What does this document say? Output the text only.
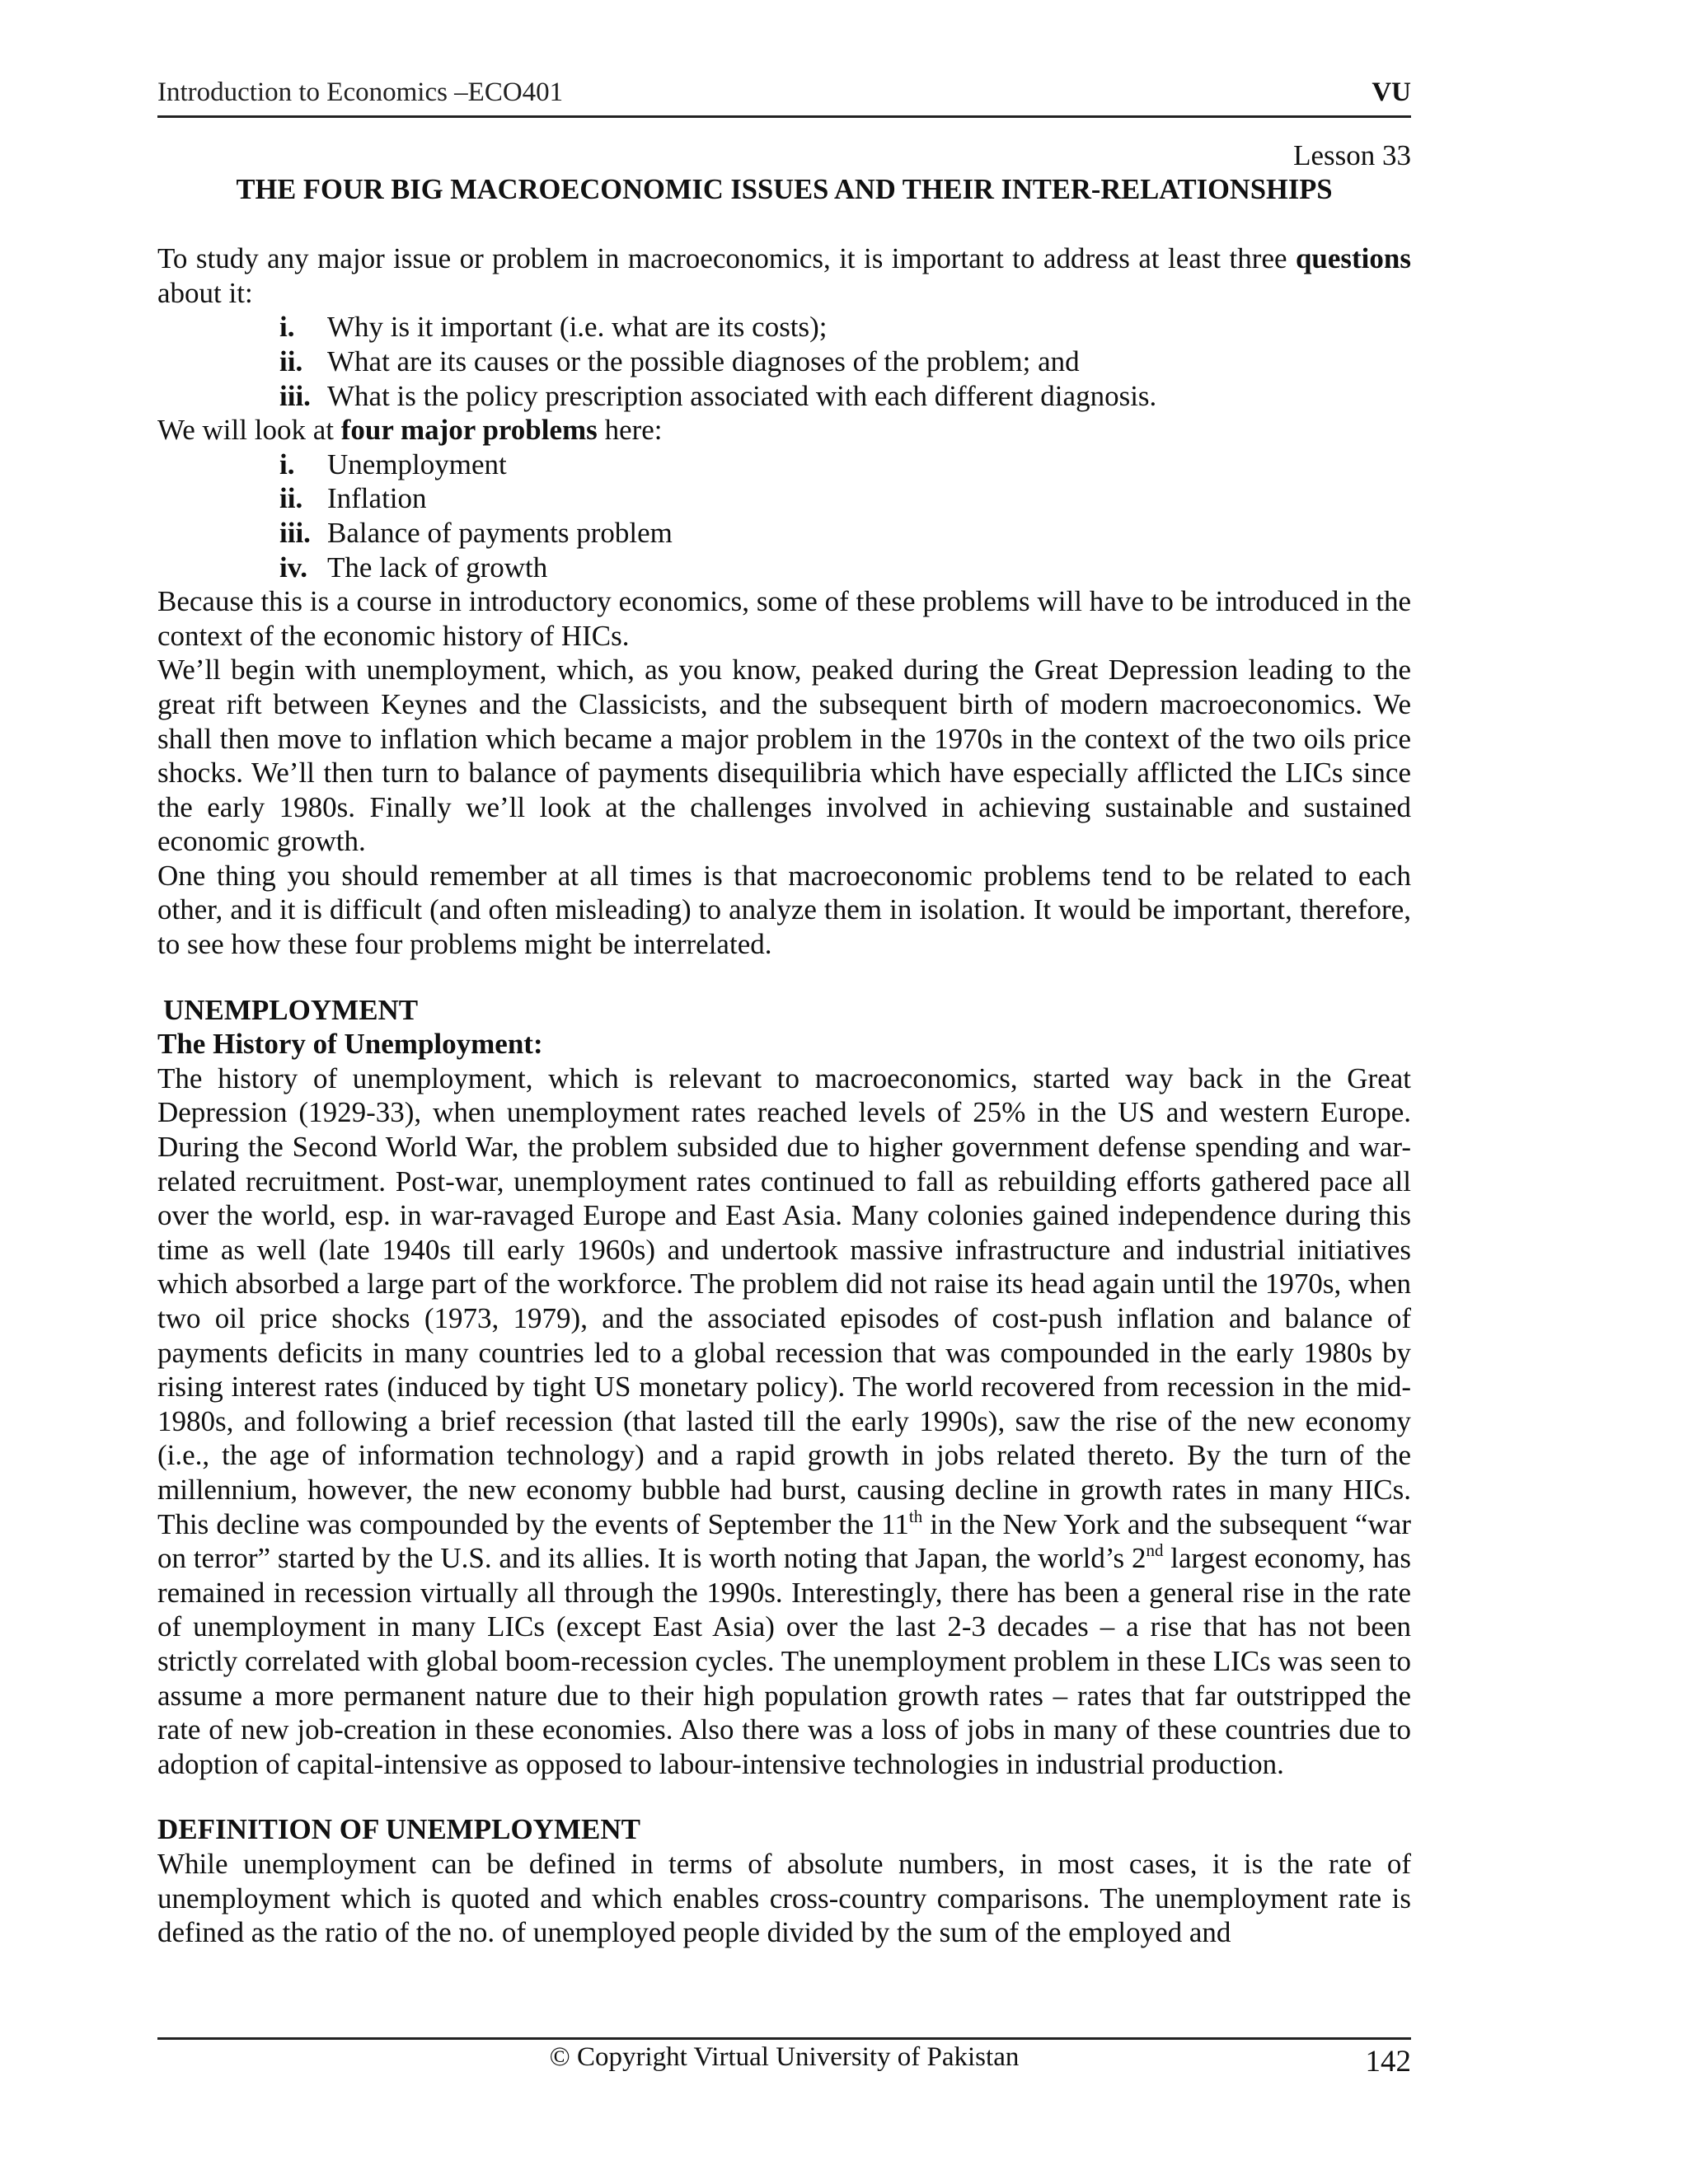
Introduction to Economics –ECO401	VU

Lesson 33

THE FOUR BIG MACROECONOMIC ISSUES AND THEIR INTER-RELATIONSHIPS

To study any major issue or problem in macroeconomics, it is important to address at least three questions about it:

i. Why is it important (i.e. what are its costs);
ii. What are its causes or the possible diagnoses of the problem; and
iii. What is the policy prescription associated with each different diagnosis.

We will look at four major problems here:

i. Unemployment
ii. Inflation
iii. Balance of payments problem
iv. The lack of growth

Because this is a course in introductory economics, some of these problems will have to be introduced in the context of the economic history of HICs.

We’ll begin with unemployment, which, as you know, peaked during the Great Depression leading to the great rift between Keynes and the Classicists, and the subsequent birth of modern macroeconomics. We shall then move to inflation which became a major problem in the 1970s in the context of the two oils price shocks. We’ll then turn to balance of payments disequilibria which have especially afflicted the LICs since the early 1980s. Finally we’ll look at the challenges involved in achieving sustainable and sustained economic growth.

One thing you should remember at all times is that macroeconomic problems tend to be related to each other, and it is difficult (and often misleading) to analyze them in isolation. It would be important, therefore, to see how these four problems might be interrelated.

UNEMPLOYMENT

The History of Unemployment:

The history of unemployment, which is relevant to macroeconomics, started way back in the Great Depression (1929-33), when unemployment rates reached levels of 25% in the US and western Europe. During the Second World War, the problem subsided due to higher government defense spending and war-related recruitment. Post-war, unemployment rates continued to fall as rebuilding efforts gathered pace all over the world, esp. in war-ravaged Europe and East Asia. Many colonies gained independence during this time as well (late 1940s till early 1960s) and undertook massive infrastructure and industrial initiatives which absorbed a large part of the workforce. The problem did not raise its head again until the 1970s, when two oil price shocks (1973, 1979), and the associated episodes of cost-push inflation and balance of payments deficits in many countries led to a global recession that was compounded in the early 1980s by rising interest rates (induced by tight US monetary policy). The world recovered from recession in the mid-1980s, and following a brief recession (that lasted till the early 1990s), saw the rise of the new economy (i.e., the age of information technology) and a rapid growth in jobs related thereto. By the turn of the millennium, however, the new economy bubble had burst, causing decline in growth rates in many HICs. This decline was compounded by the events of September the 11th in the New York and the subsequent “war on terror” started by the U.S. and its allies. It is worth noting that Japan, the world’s 2nd largest economy, has remained in recession virtually all through the 1990s. Interestingly, there has been a general rise in the rate of unemployment in many LICs (except East Asia) over the last 2-3 decades – a rise that has not been strictly correlated with global boom-recession cycles. The unemployment problem in these LICs was seen to assume a more permanent nature due to their high population growth rates – rates that far outstripped the rate of new job-creation in these economies. Also there was a loss of jobs in many of these countries due to adoption of capital-intensive as opposed to labour-intensive technologies in industrial production.

DEFINITION OF UNEMPLOYMENT

While unemployment can be defined in terms of absolute numbers, in most cases, it is the rate of unemployment which is quoted and which enables cross-country comparisons. The unemployment rate is defined as the ratio of the no. of unemployed people divided by the sum of the employed and

© Copyright Virtual University of Pakistan	142
